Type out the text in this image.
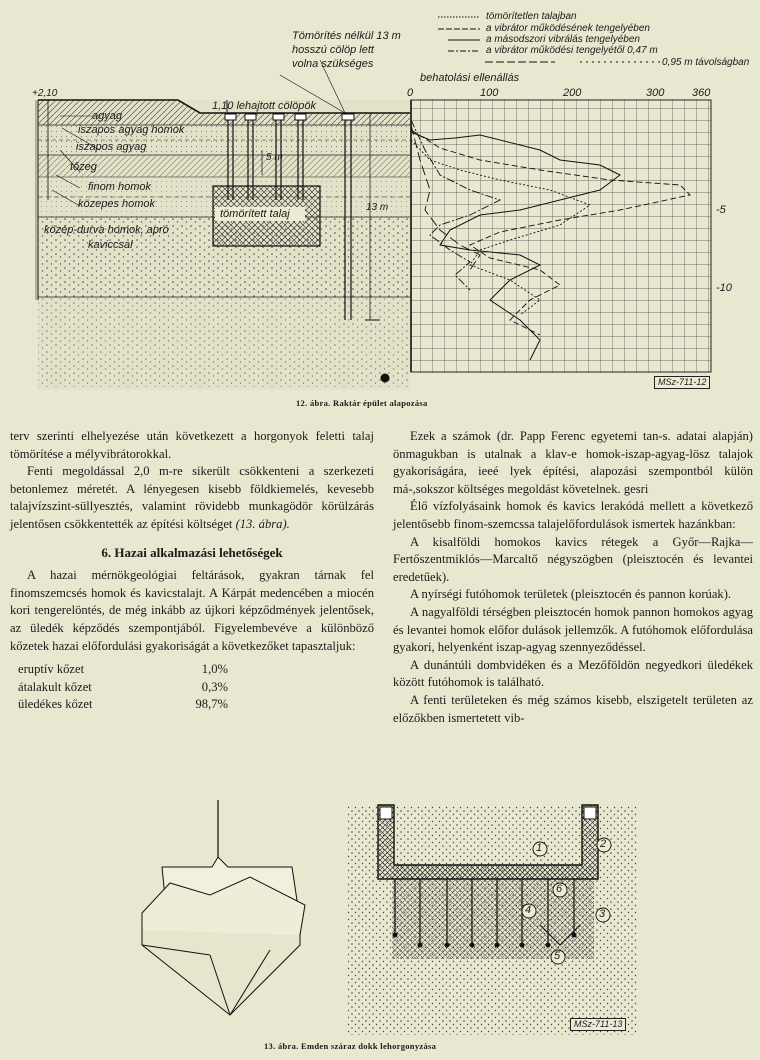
+2,10
agyag
iszapos agyag homok
iszapos agyag
tőzeg
finom homok
közepes homok
közép-durva homok, apró
kaviccsal
1,10 lehajtott cölöpök
tömörített talaj
5 m
13 m
Tömörítés nélkül 13 m
hosszú cölöp lett
volna szükséges
behatolási ellenállás
tömörítetlen talajban
a vibrátor működésének tengelyében
a másodszori vibrálás tengelyében
a vibrátor működési tengelyétől 0,47 m
0,95 m távolságban
0	100	200	300	360
-5
-10
MSz-711-12
12. ábra. Raktár épület alapozása

terv szerinti elhelyezése után következett a horgonyok feletti talaj tömörítése a mélyvibrátorokkal.

Fenti megoldással 2,0 m-re sikerült csökkenteni a szerkezeti betonlemez méretét. A lényegesen kisebb földkiemelés, kevesebb talajvízszint-süllyesztés, valamint rövidebb munkagödör körülzárás jelentősen csökkentették az építési költséget (13. ábra).

6. Hazai alkalmazási lehetőségek

A hazai mérnökgeológiai feltárások, gyakran tárnak fel finomszemcsés homok és kavicstalajt. A Kárpát medencében a miocén kori tengerelöntés, de még inkább az újkori képződmények jelentősek, az üledék képződés szempontjából. Figyelembevéve a különböző kőzetek hazai előfordulási gyakoriságát a következőket tapasztaljuk:

eruptív kőzet	1,0%
átalakult kőzet	0,3%
üledékes kőzet	98,7%

Ezek a számok (dr. Papp Ferenc egyetemi tan-s. adatai alapján) önmagukban is utalnak a klav-e homok-iszap-agyag-lösz talajok gyakoriságára, ieeé lyek építési, alapozási szempontból külön má-,sokszor költséges megoldást követelnek. gesri

Élő vízfolyásaink homok és kavics lerakódá mellett a következő jelentősebb finom-szemcssa talajelőfordulások ismertek hazánkban:

A kisalföldi homokos kavics rétegek a Győr—Rajka—Fertőszentmiklós—Marcaltő négyszögben (pleisztocén és levantei eredetűek).

A nyírségi futóhomok területek (pleisztocén és pannon korúak).

A nagyalföldi térségben pleisztocén homok pannon homokos agyag és levantei homok előfor dulások jellemzők. A futóhomok előfordulása gyakori, helyenként iszap-agyag szennyeződéssel.

A dunántúli dombvidéken és a Mezőföldön negyedkori üledékek között futóhomok is található.

A fenti területeken és még számos kisebb, elszigetelt területen az előzőkben ismertetett vib-

1	2
3
4
5
6
MSz-711-13
13. ábra. Emden száraz dokk lehorgonyzása
